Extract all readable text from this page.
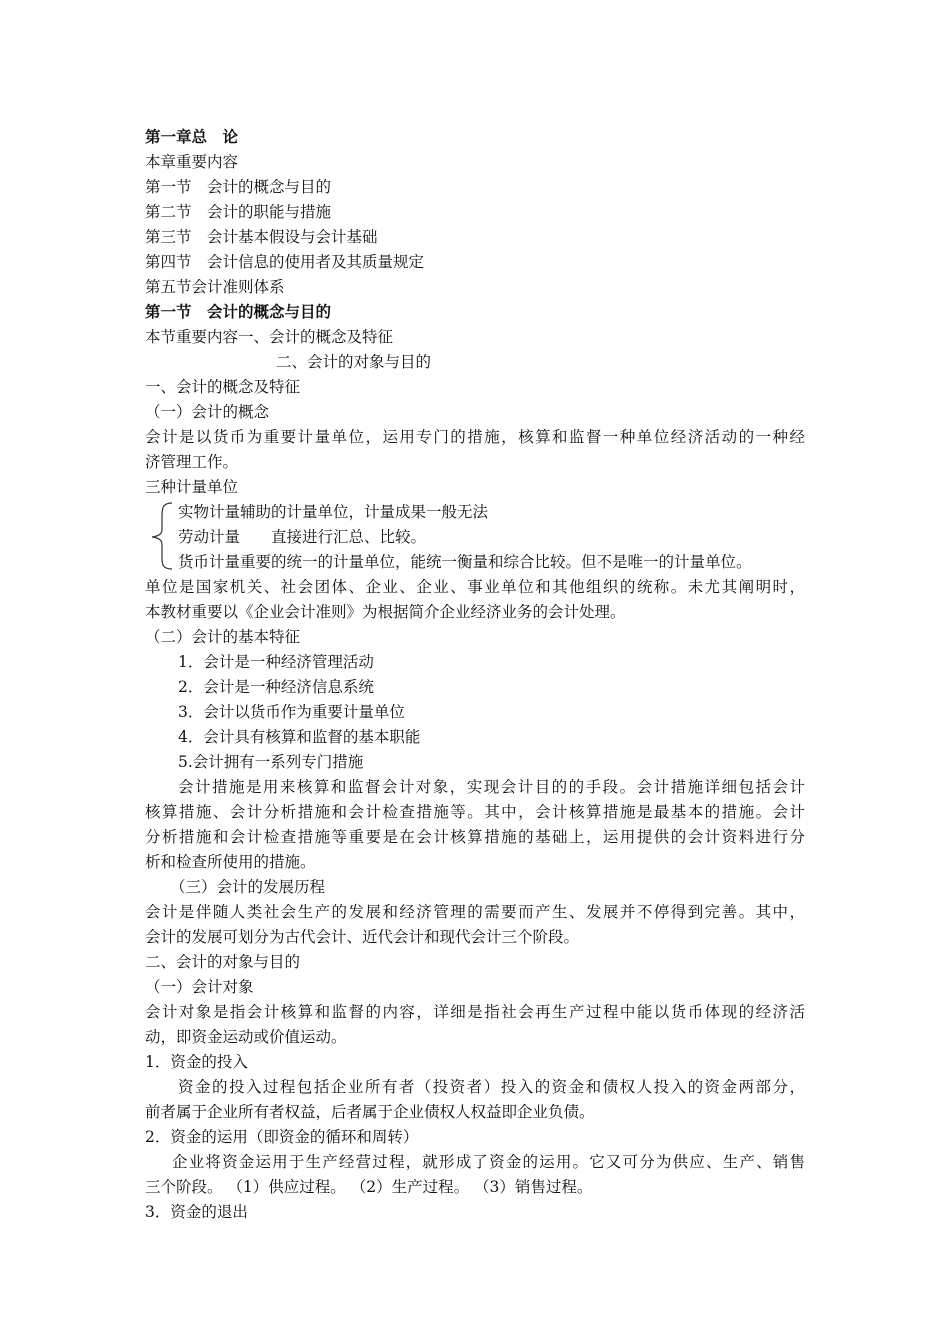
第一章总　论
本章重要内容
第一节　会计的概念与目的
第二节　会计的职能与措施
第三节　会计基本假设与会计基础
第四节　会计信息的使用者及其质量规定
第五节会计准则体系
第一节　会计的概念与目的
本节重要内容一、会计的概念及特征
二、会计的对象与目的
一、会计的概念及特征
（一）会计的概念
会计是以货币为重要计量单位，运用专门的措施，核算和监督一种单位经济活动的一种经
济管理工作。
三种计量单位
实物计量辅助的计量单位，计量成果一般无法
劳动计量　　直接进行汇总、比较。
货币计量重要的统一的计量单位，能统一衡量和综合比较。但不是唯一的计量单位。
单位是国家机关、社会团体、企业、企业、事业单位和其他组织的统称。未尤其阐明时，
本教材重要以《企业会计准则》为根据简介企业经济业务的会计处理。
（二）会计的基本特征
1．会计是一种经济管理活动
2．会计是一种经济信息系统
3．会计以货币作为重要计量单位
4．会计具有核算和监督的基本职能
5.会计拥有一系列专门措施
会计措施是用来核算和监督会计对象，实现会计目的的手段。会计措施详细包括会计
核算措施、会计分析措施和会计检查措施等。其中，会计核算措施是最基本的措施。会计
分析措施和会计检查措施等重要是在会计核算措施的基础上，运用提供的会计资料进行分
析和检查所使用的措施。
（三）会计的发展历程
会计是伴随人类社会生产的发展和经济管理的需要而产生、发展并不停得到完善。其中，
会计的发展可划分为古代会计、近代会计和现代会计三个阶段。
二、会计的对象与目的
（一）会计对象
会计对象是指会计核算和监督的内容，详细是指社会再生产过程中能以货币体现的经济活
动，即资金运动或价值运动。
1．资金的投入
资金的投入过程包括企业所有者（投资者）投入的资金和债权人投入的资金两部分，
前者属于企业所有者权益，后者属于企业债权人权益即企业负债。
2．资金的运用（即资金的循环和周转）
企业将资金运用于生产经营过程，就形成了资金的运用。它又可分为供应、生产、销售
三个阶段。 （1）供应过程。 （2）生产过程。 （3）销售过程。
3．资金的退出
